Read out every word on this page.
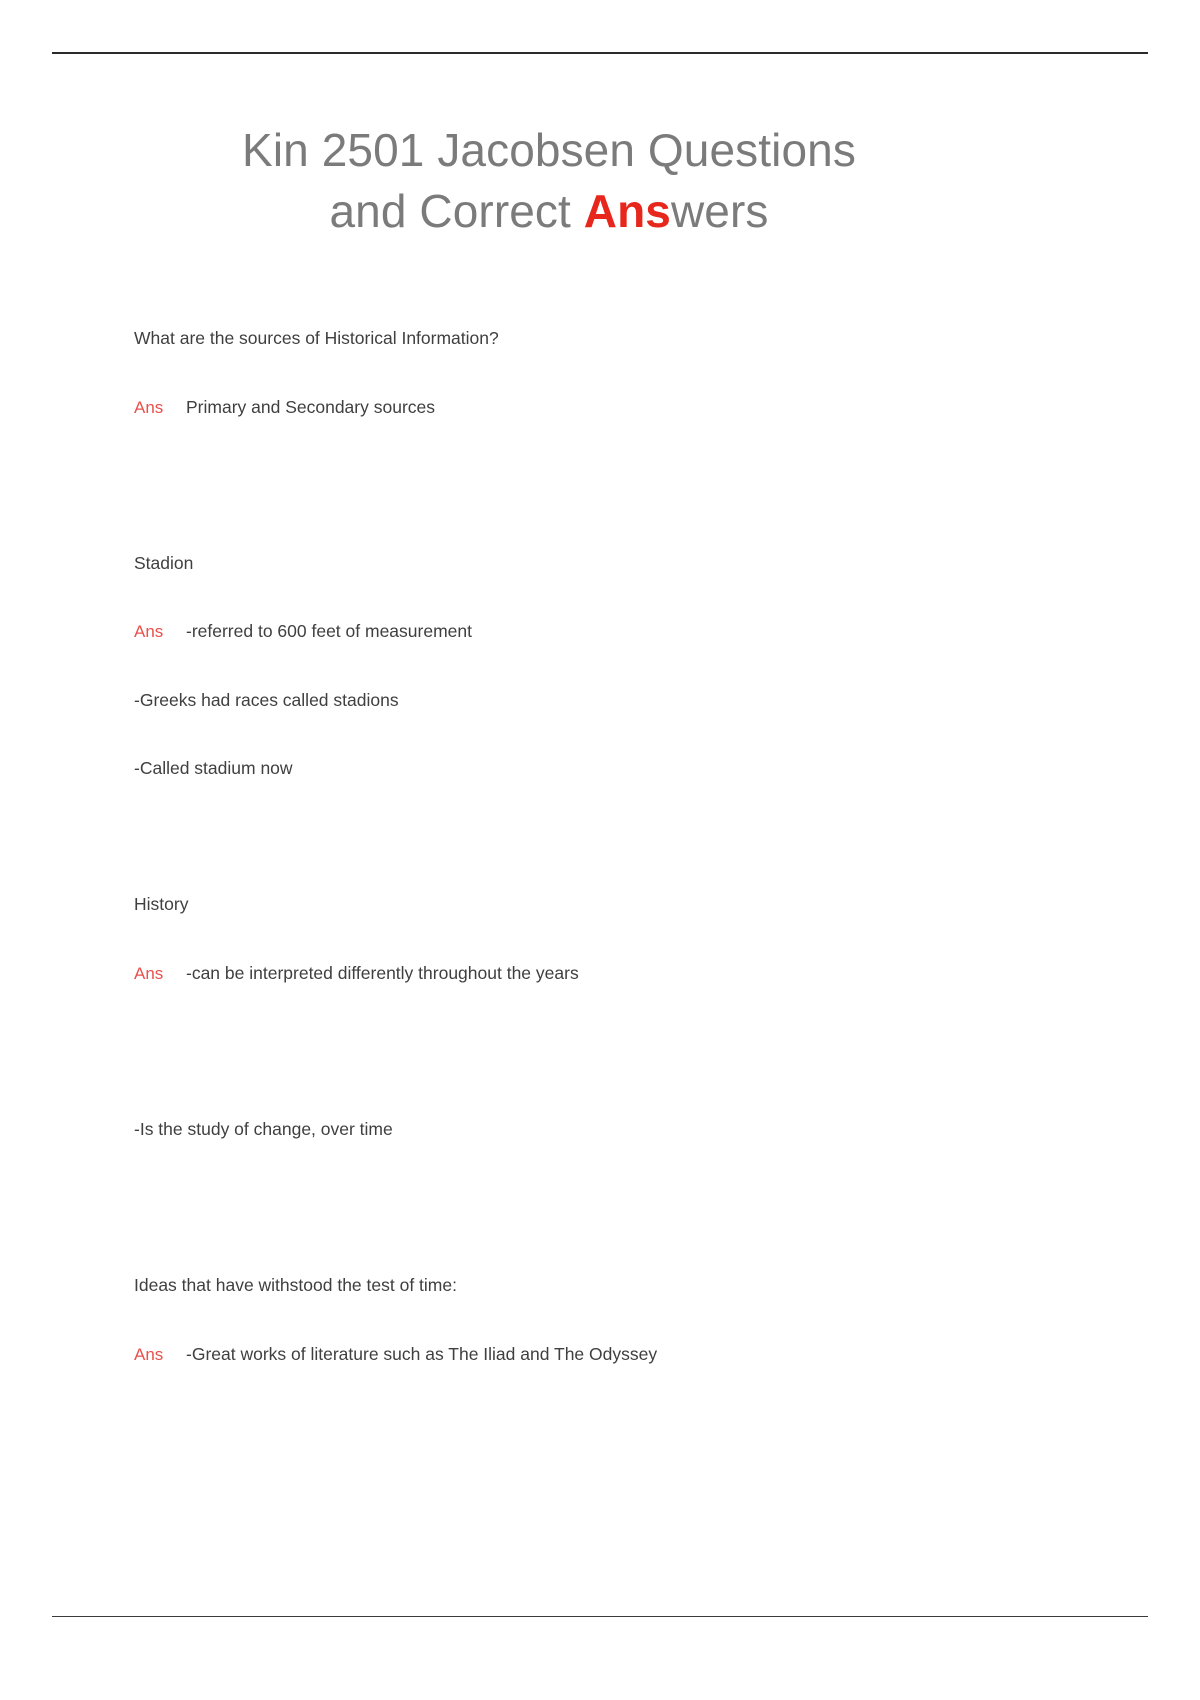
Kin 2501 Jacobsen Questions
and Correct Answers
What are the sources of Historical Information?
Ans Primary and Secondary sources
Stadion
Ans -referred to 600 feet of measurement
-Greeks had races called stadions
-Called stadium now
History
Ans -can be interpreted differently throughout the years
-Is the study of change, over time
Ideas that have withstood the test of time:
Ans -Great works of literature such as The Iliad and The Odyssey
